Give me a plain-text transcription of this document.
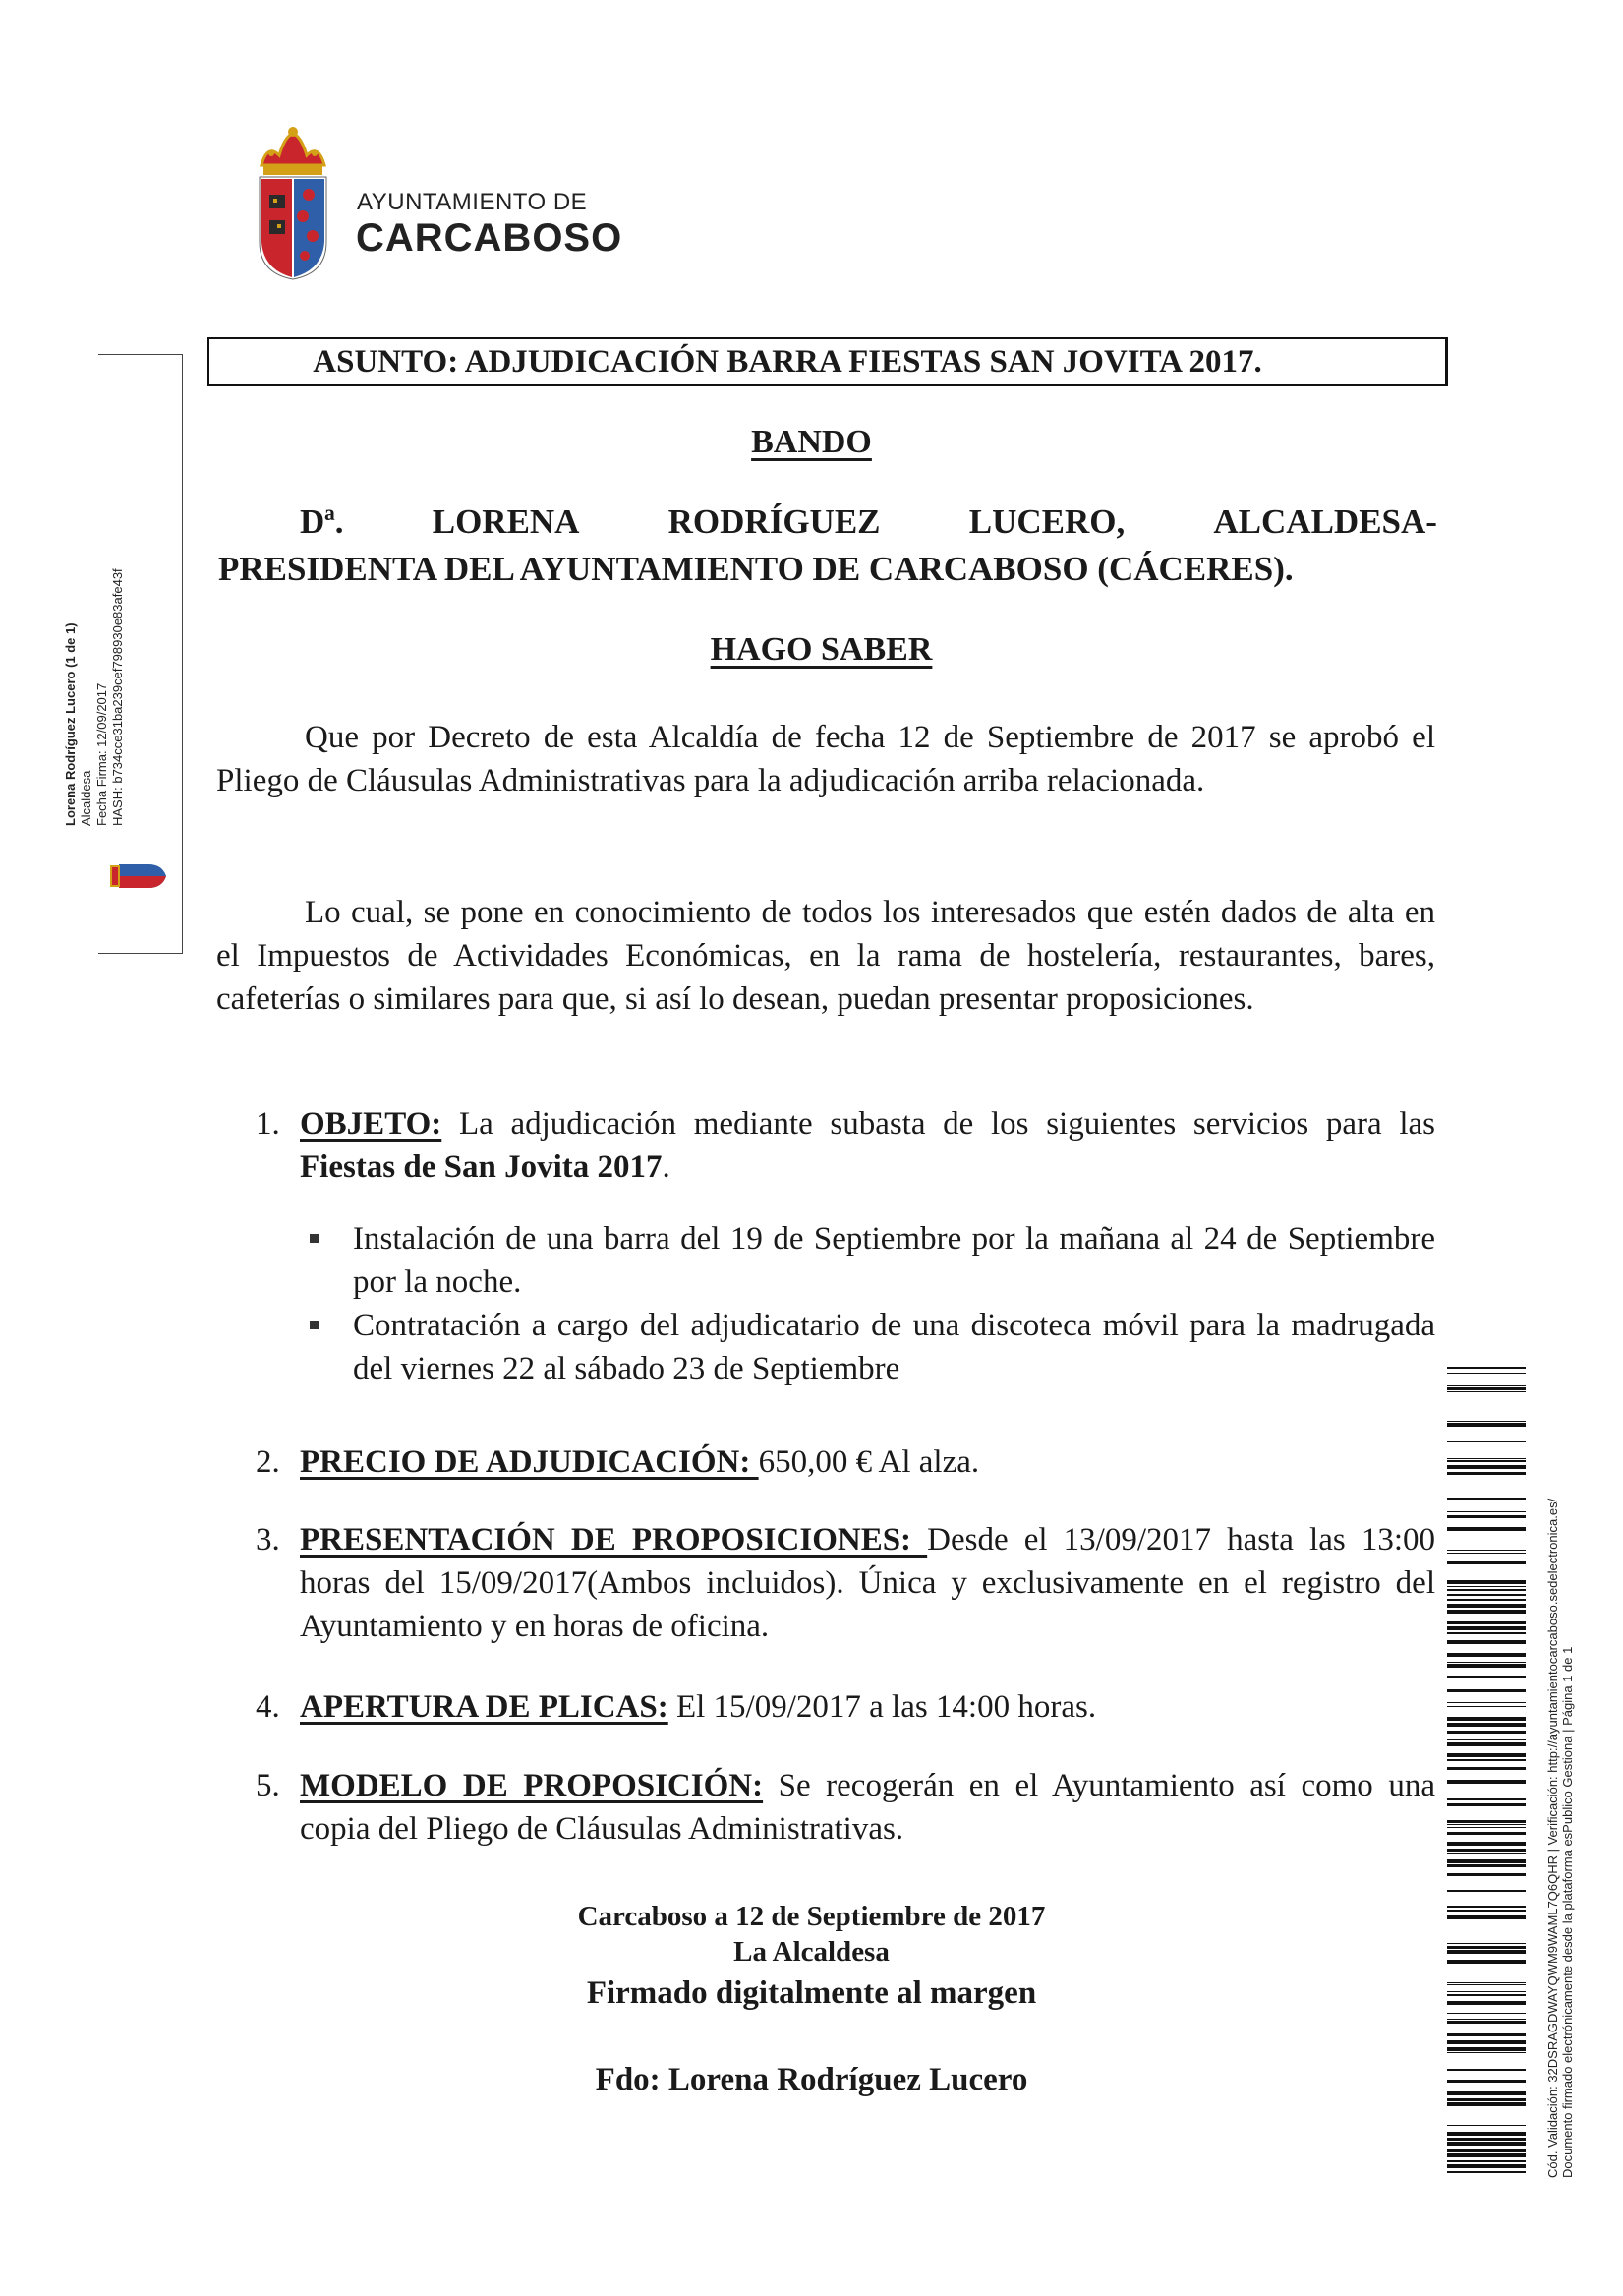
AYUNTAMIENTO DE
CARCABOSO
Lorena Rodríguez Lucero (1 de 1) Alcaldesa Fecha Firma: 12/09/2017 HASH: b734cce31ba239cef798930e83afe43f
ASUNTO: ADJUDICACIÓN BARRA FIESTAS SAN JOVITA 2017.
BANDO
Dª.	LORENA	RODRÍGUEZ	LUCERO,	ALCALDESA-
PRESIDENTA DEL AYUNTAMIENTO DE CARCABOSO (CÁCERES).
HAGO SABER

Que por Decreto de esta Alcaldía de fecha 12 de Septiembre de 2017 se aprobó el Pliego de Cláusulas Administrativas para la adjudicación arriba relacionada.

Lo cual, se pone en conocimiento de todos los interesados que estén dados de alta en el Impuestos de Actividades Económicas, en la rama de hostelería, restaurantes, bares, cafeterías o similares para que, si así lo desean, puedan presentar proposiciones.

1. OBJETO: La adjudicación mediante subasta de los siguientes servicios para las Fiestas de San Jovita 2017.
Instalación de una barra del 19 de Septiembre por la mañana al 24 de Septiembre por la noche.
Contratación a cargo del adjudicatario de una discoteca móvil para la madrugada del viernes 22 al sábado 23 de Septiembre
2. PRECIO DE ADJUDICACIÓN: 650,00 € Al alza.
3. PRESENTACIÓN DE PROPOSICIONES: Desde el 13/09/2017 hasta las 13:00 horas del 15/09/2017(Ambos incluidos). Única y exclusivamente en el registro del Ayuntamiento y en horas de oficina.
4. APERTURA DE PLICAS: El 15/09/2017 a las 14:00 horas.
5. MODELO DE PROPOSICIÓN: Se recogerán en el Ayuntamiento así como una copia del Pliego de Cláusulas Administrativas.
Carcaboso a 12 de Septiembre de 2017
La Alcaldesa
Firmado digitalmente al margen
Fdo: Lorena Rodríguez Lucero	Cód. Validación: 32DSRAGDWAYQWM9WAML7Q6QHR | Verificación: http://ayuntamientocarcaboso.sedelectronica.es/ Documento firmado electrónicamente desde la plataforma esPublico Gestiona | Página 1 de 1
